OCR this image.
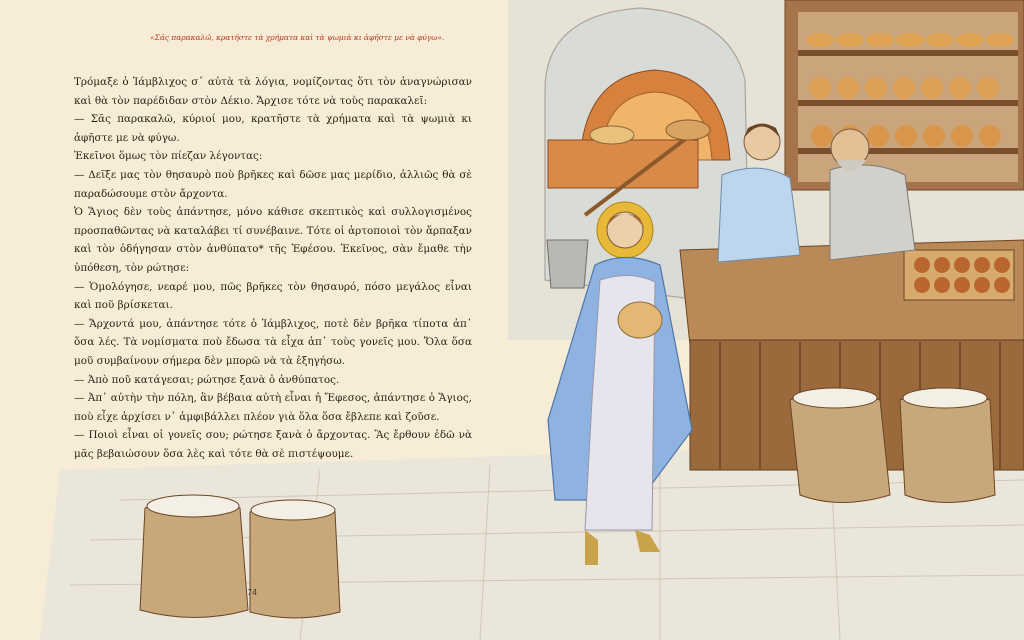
«Σᾶς παρακαλῶ, κρατῆστε τὰ χρήματα καὶ τὰ ψωμιὰ κι ἀφῆστε με νὰ φύγω».

Τρόμαξε ὁ Ἰάμβλιχος σ᾽ αὐτὰ τὰ λόγια, νομίζοντας ὅτι τὸν ἀναγνώρισαν καὶ θὰ τὸν παρέδιδαν στὸν Δέκιο. Ἄρχισε τότε νὰ τοὺς παρακαλεῖ:

— Σᾶς παρακαλῶ, κύριοί μου, κρατῆστε τὰ χρήματα καὶ τὰ ψωμιὰ κι ἀφῆστε με νὰ φύγω.

Ἐκεῖνοι ὅμως τὸν πίεζαν λέγοντας:

— Δεῖξε μας τὸν θησαυρὸ ποὺ βρῆκες καὶ δῶσε μας μερίδιο, ἀλλιῶς θὰ σὲ παραδώσουμε στὸν ἄρχοντα.

Ὁ Ἅγιος δὲν τοὺς ἀπάντησε, μόνο κάθισε σκεπτικὸς καὶ συλλογισμένος προσπαθῶντας νὰ καταλάβει τί συνέβαινε. Τότε οἱ ἀρτοποιοὶ τὸν ἅρπαξαν καὶ τὸν ὁδήγησαν στὸν ἀνθύπατο* τῆς Ἐφέσου. Ἐκεῖνος, σὰν ἔμαθε τὴν ὑπόθεση, τὸν ρώτησε:

— Ὁμολόγησε, νεαρέ μου, πῶς βρῆκες τὸν θησαυρό, πόσο μεγάλος εἶναι καὶ ποῦ βρίσκεται.

— Ἄρχοντά μου, ἀπάντησε τότε ὁ Ἰάμβλιχος, ποτὲ δὲν βρῆκα τίποτα ἀπ᾽ ὅσα λές. Τὰ νομίσματα ποὺ ἔδωσα τὰ εἶχα ἀπ᾽ τοὺς γονεῖς μου. Ὅλα ὅσα μοῦ συμβαίνουν σήμερα δὲν μπορῶ νὰ τὰ ἐξηγήσω.

— Ἀπὸ ποῦ κατάγεσαι; ρώτησε ξανὰ ὁ ἀνθύπατος.

— Ἀπ᾽ αὐτὴν τὴν πόλη, ἂν βέβαια αὐτὴ εἶναι ἡ Ἔφεσος, ἀπάντησε ὁ Ἅγιος, ποὺ εἶχε ἀρχίσει ν᾽ ἀμφιβάλλει πλέον γιὰ ὅλα ὅσα ἔβλεπε καὶ ζοῦσε.

— Ποιοὶ εἶναι οἱ γονεῖς σου; ρώτησε ξανὰ ὁ ἄρχοντας. Ἂς ἔρθουν ἐδῶ νὰ μᾶς βεβαιώσουν ὅσα λὲς καὶ τότε θὰ σὲ πιστέψουμε.

74
